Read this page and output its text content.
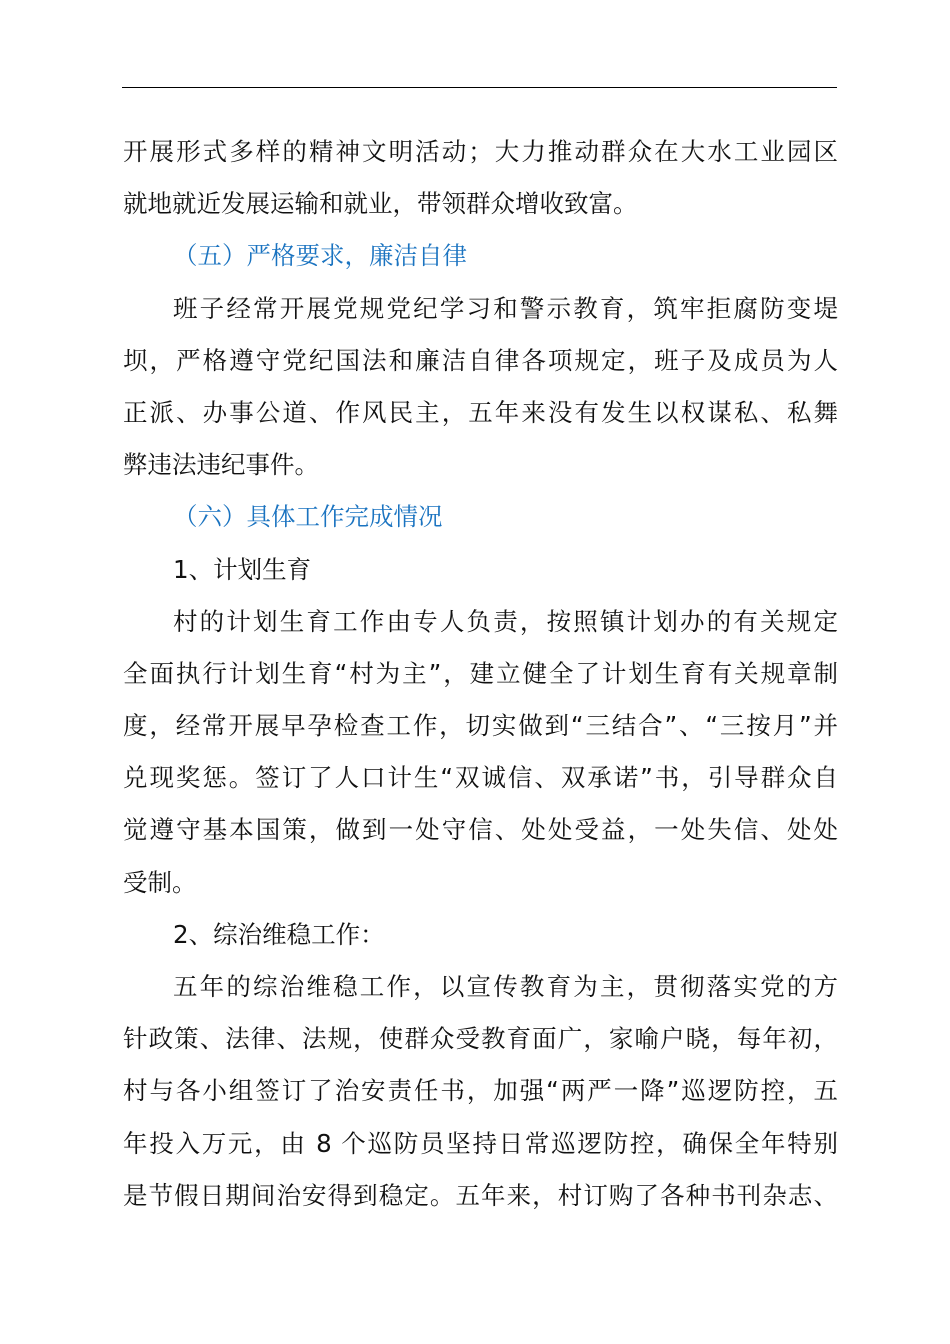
开展形式多样的精神文明活动；大力推动群众在大水工业园区
就地就近发展运输和就业，带领群众增收致富。
（五）严格要求，廉洁自律
班子经常开展党规党纪学习和警示教育，筑牢拒腐防变堤
坝，严格遵守党纪国法和廉洁自律各项规定，班子及成员为人
正派、办事公道、作风民主，五年来没有发生以权谋私、私舞
弊违法违纪事件。
（六）具体工作完成情况
1、计划生育
村的计划生育工作由专人负责，按照镇计划办的有关规定
全面执行计划生育“村为主”，建立健全了计划生育有关规章制
度，经常开展早孕检查工作，切实做到“三结合”、“三按月”并
兑现奖惩。签订了人口计生“双诚信、双承诺”书，引导群众自
觉遵守基本国策，做到一处守信、处处受益，一处失信、处处
受制。
2、综治维稳工作：
五年的综治维稳工作，以宣传教育为主，贯彻落实党的方
针政策、法律、法规，使群众受教育面广，家喻户晓，每年初，
村与各小组签订了治安责任书，加强“两严一降”巡逻防控，五
年投入万元，由 8 个巡防员坚持日常巡逻防控，确保全年特别
是节假日期间治安得到稳定。五年来，村订购了各种书刊杂志、
